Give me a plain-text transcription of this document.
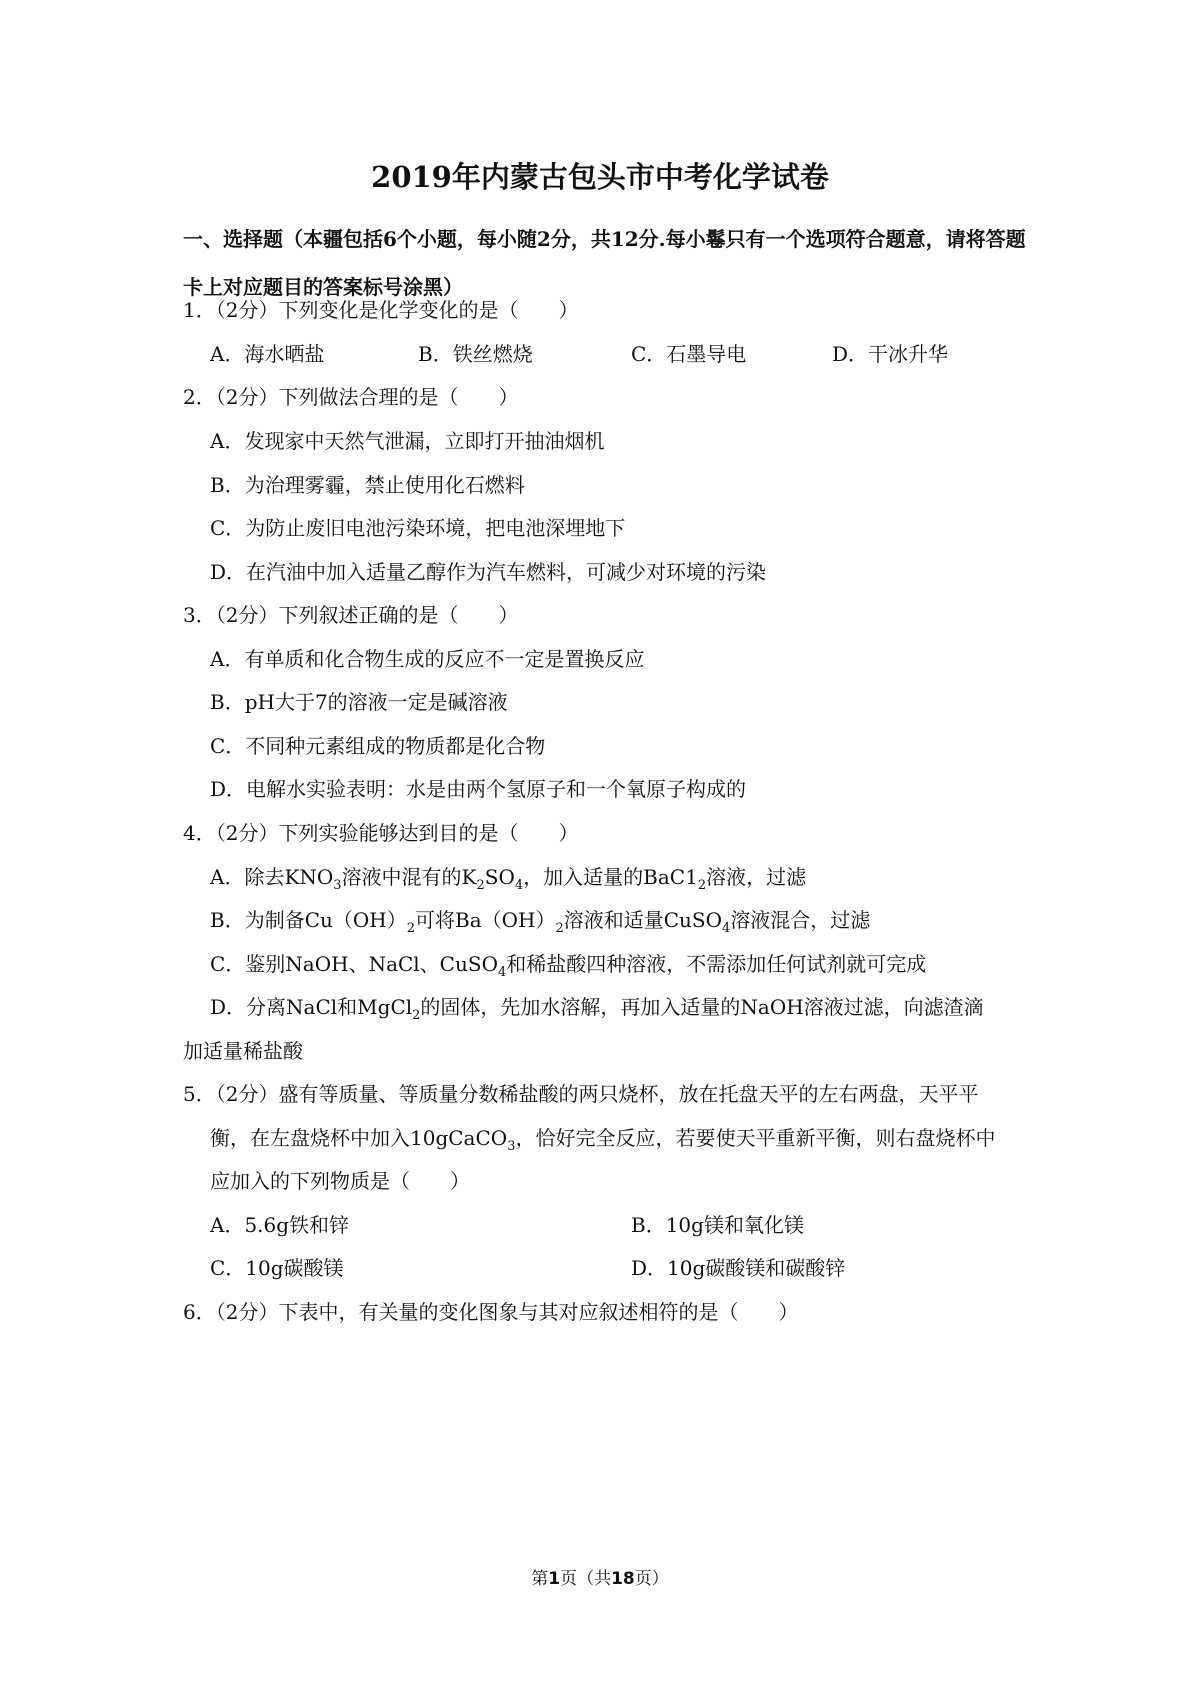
2019年内蒙古包头市中考化学试卷
一、选择题（本疆包括6个小题，每小随2分，共12分.每小鬈只有一个选项符合题意，请将答题卡上对应题目的答案标号涂黑）
1．（2分）下列变化是化学变化的是（　　）
A．海水晒盐	B．铁丝燃烧	C．石墨导电	D．干冰升华
2．（2分）下列做法合理的是（　　）
A．发现家中天然气泄漏，立即打开抽油烟机
B．为治理雾霾，禁止使用化石燃料
C．为防止废旧电池污染环境，把电池深埋地下
D．在汽油中加入适量乙醇作为汽车燃料，可减少对环境的污染
3．（2分）下列叙述正确的是（　　）
A．有单质和化合物生成的反应不一定是置换反应
B．pH大于7的溶液一定是碱溶液
C．不同种元素组成的物质都是化合物
D．电解水实验表明：水是由两个氢原子和一个氧原子构成的
4．（2分）下列实验能够达到目的是（　　）
A．除去$KNO_3$溶液中混有的$K_2SO_4$，加入适量的$BaC1_2$溶液，过滤
B．为制备$Cu(OH)_2$可将$Ba(OH)_2$溶液和适量CuSO$_4$溶液混合，过滤
C．鉴别NaOH、NaCl、CuSO$_4$和稀盐酸四种溶液，不需添加任何试剂就可完成
D．分离NaCl和MgCl$_2$的固体，先加水溶解，再加入适量的NaOH溶液过滤，向滤渣滴
加适量稀盐酸
5．（2分）盛有等质量、等质量分数稀盐酸的两只烧杯，放在托盘天平的左右两盘，天平平
衡，在左盘烧杯中加入10gCaCO$_3$，恰好完全反应，若要使天平重新平衡，则右盘烧杯中
应加入的下列物质是（　　）
A．5.6g铁和锌	B．10g镁和氧化镁
C．10g碳酸镁	D．10g碳酸镁和碳酸锌
6．（2分）下表中，有关量的变化图象与其对应叙述相符的是（　　）
第1页（共18页）
